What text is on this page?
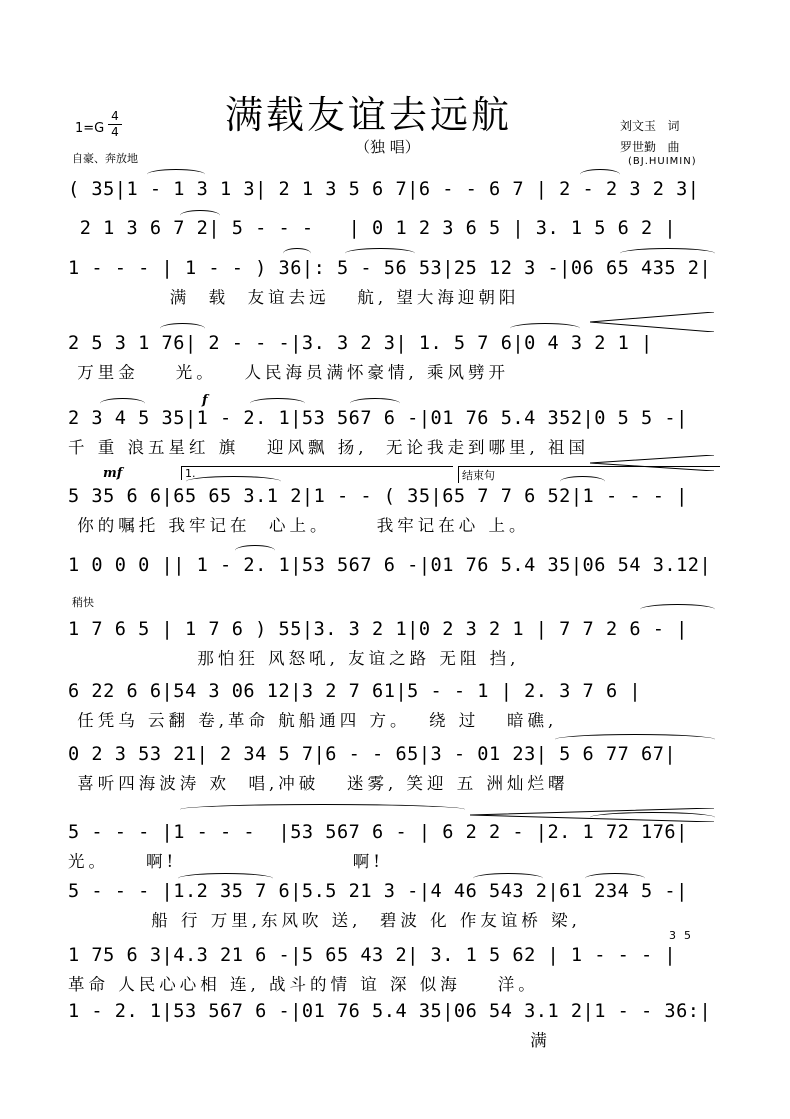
满载友谊去远航
（独 唱）
1=G
4
4
自豪、奔放地
刘文玉   词
罗世勤   曲
(BJ.HUIMIN)
( 35|1 - 1 3 1 3| 2 1 3 5 6 7|6 - - 6 7 | 2 - 2 3 2 3|
2 1 3 6 7 2| 5 - - -   | 0 1 2 3 6 5 | 3. 1 5 6 2 |
1 - - - | 1 - - ) 36|: 5 - 56 53|25 12 3 -|06 65 435 2|
满  载  友谊去远   航, 望大海迎朝阳
2 5 3 1 76| 2 - - -|3. 3 2 3| 1. 5 7 6|0 4 3 2 1 |
万里金    光。   人民海员满怀豪情, 乘风劈开
2 3 4 5 35|1 - 2. 1|53 567 6 -|01 76 5.4 352|0 5 5 -|
千 重 浪五星红 旗   迎风飘 扬,  无论我走到哪里, 祖国
5 35 6 6|65 65 3.1 2|1 - - ( 35|65 7 7 6 52|1 - - - |
你的嘱托 我牢记在  心上。     我牢记在心 上。
1 0 0 0 || 1 - 2. 1|53 567 6 -|01 76 5.4 35|06 54 3.12|
1 7 6 5 | 1 7 6 ) 55|3. 3 2 1|0 2 3 2 1 | 7 7 2 6 - |
那怕狂 风怒吼, 友谊之路 无阻 挡,
6 22 6 6|54 3 06 12|3 2 7 61|5 - - 1 | 2. 3 7 6 |
任凭乌 云翻 卷,革命 航船通四 方。  绕 过   暗礁,
0 2 3 53 21| 2 34 5 7|6 - - 65|3 - 01 23| 5 6 77 67|
喜听四海波涛 欢  唱,冲破   迷雾, 笑迎 五 洲灿烂曙
5 - - - |1 - - -  |53 567 6 - | 6 2 2 - |2. 1 72 176|
光。    啊!                   啊!
5 - - - |1.2 35 7 6|5.5 21 3 -|4 46 543 2|61 234 5 -|
船 行 万里,东风吹 送,  碧波 化 作友谊桥 梁,
1 75 6 3|4.3 21 6 -|5 65 43 2| 3. 1 5 62 | 1 - - - |
革命 人民心心相 连, 战斗的情 谊 深 似海    洋。
1 - 2. 1|53 567 6 -|01 76 5.4 35|06 54 3.1 2|1 - - 36:|
满
f
mf	1.	结束句
稍快
3 5
